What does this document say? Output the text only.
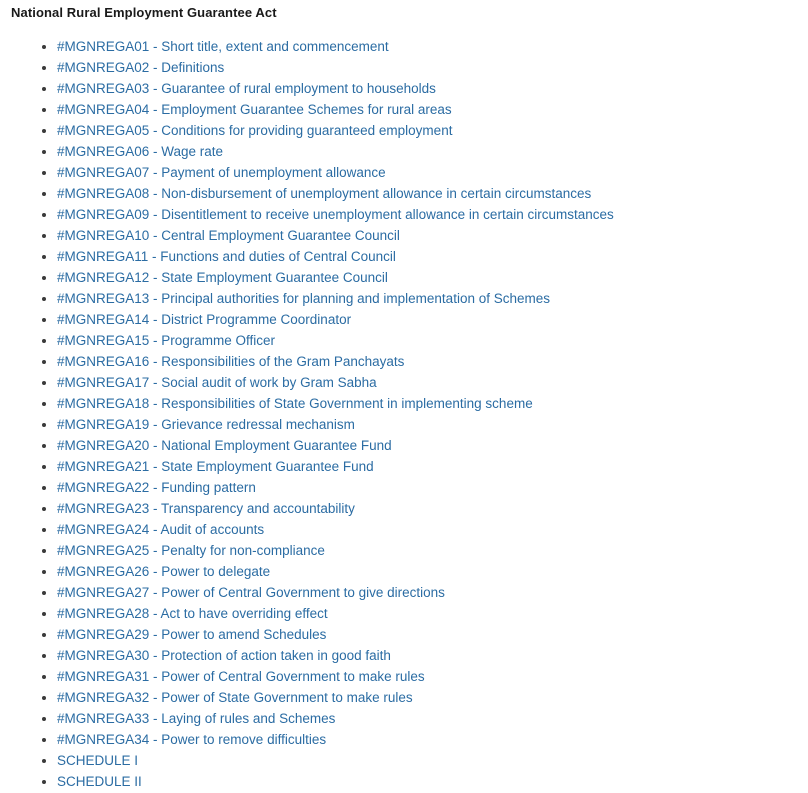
National Rural Employment Guarantee Act
• #MGNREGA01 - Short title, extent and commencement
• #MGNREGA02 - Definitions
• #MGNREGA03 - Guarantee of rural employment to households
• #MGNREGA04 - Employment Guarantee Schemes for rural areas
• #MGNREGA05 - Conditions for providing guaranteed employment
• #MGNREGA06 - Wage rate
• #MGNREGA07 - Payment of unemployment allowance
• #MGNREGA08 - Non-disbursement of unemployment allowance in certain circumstances
• #MGNREGA09 - Disentitlement to receive unemployment allowance in certain circumstances
• #MGNREGA10 - Central Employment Guarantee Council
• #MGNREGA11 - Functions and duties of Central Council
• #MGNREGA12 - State Employment Guarantee Council
• #MGNREGA13 - Principal authorities for planning and implementation of Schemes
• #MGNREGA14 - District Programme Coordinator
• #MGNREGA15 - Programme Officer
• #MGNREGA16 - Responsibilities of the Gram Panchayats
• #MGNREGA17 - Social audit of work by Gram Sabha
• #MGNREGA18 - Responsibilities of State Government in implementing scheme
• #MGNREGA19 - Grievance redressal mechanism
• #MGNREGA20 - National Employment Guarantee Fund
• #MGNREGA21 - State Employment Guarantee Fund
• #MGNREGA22 - Funding pattern
• #MGNREGA23 - Transparency and accountability
• #MGNREGA24 - Audit of accounts
• #MGNREGA25 - Penalty for non-compliance
• #MGNREGA26 - Power to delegate
• #MGNREGA27 - Power of Central Government to give directions
• #MGNREGA28 - Act to have overriding effect
• #MGNREGA29 - Power to amend Schedules
• #MGNREGA30 - Protection of action taken in good faith
• #MGNREGA31 - Power of Central Government to make rules
• #MGNREGA32 - Power of State Government to make rules
• #MGNREGA33 - Laying of rules and Schemes
• #MGNREGA34 - Power to remove difficulties
• SCHEDULE I
• SCHEDULE II
